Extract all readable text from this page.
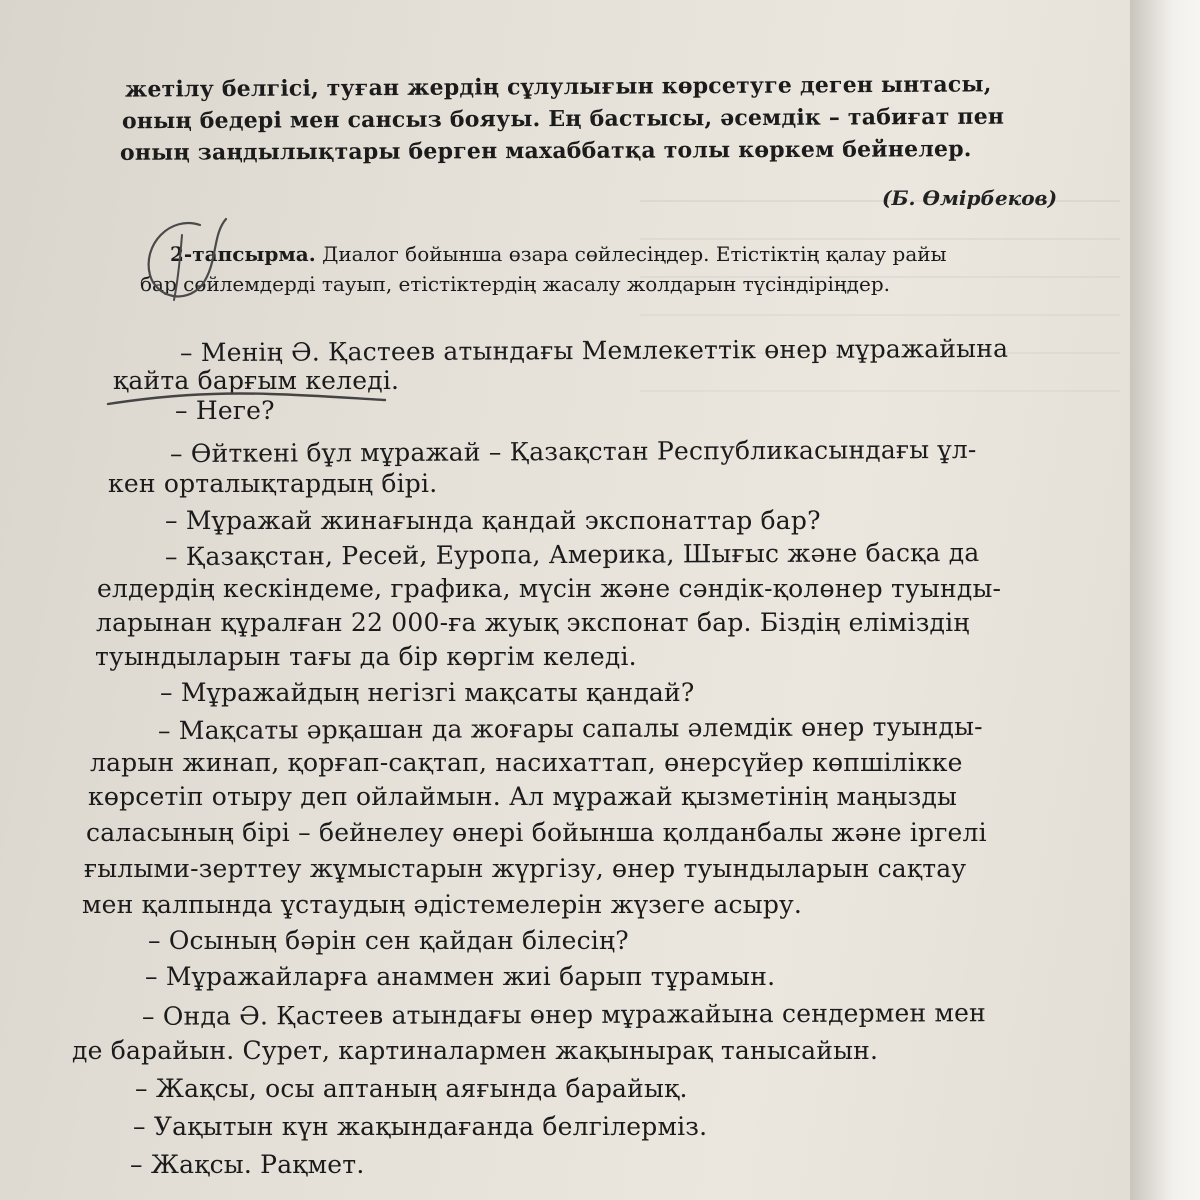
жетілу белгісі, туған жердің сұлулығын көрсетуге деген ынтасы,
оның бедері мен сансыз бояуы. Ең бастысы, әсемдік – табиғат пен
оның заңдылықтары берген махаббатқа толы көркем бейнелер.
(Б. Өмірбеков)
2-тапсырма. Диалог бойынша өзара сөйлесіңдер. Етістіктің қалау райы
бар сөйлемдерді тауып, етістіктердің жасалу жолдарын түсіндіріңдер.
– Менің Ә. Қастеев атындағы Мемлекеттік өнер мұражайына
қайта барғым келеді.
– Неге?
– Өйткені бұл мұражай – Қазақстан Республикасындағы ұл-
кен орталықтардың бірі.
– Мұражай жинағында қандай экспонаттар бар?
– Қазақстан, Ресей, Еуропа, Америка, Шығыс және басқа да
елдердің кескіндеме, графика, мүсін және сәндік-қолөнер туынды-
ларынан құралған 22 000-ға жуық экспонат бар. Біздің еліміздің
туындыларын тағы да бір көргім келеді.
– Мұражайдың негізгі мақсаты қандай?
– Мақсаты әрқашан да жоғары сапалы әлемдік өнер туынды-
ларын жинап, қорғап-сақтап, насихаттап, өнерсүйер көпшілікке
көрсетіп отыру деп ойлаймын. Ал мұражай қызметінің маңызды
саласының бірі – бейнелеу өнері бойынша қолданбалы және іргелі
ғылыми-зерттеу жұмыстарын жүргізу, өнер туындыларын сақтау
мен қалпында ұстаудың әдістемелерін жүзеге асыру.
– Осының бәрін сен қайдан білесің?
– Мұражайларға анаммен жиі барып тұрамын.
– Онда Ә. Қастеев атындағы өнер мұражайына сендермен мен
де барайын. Сурет, картиналармен жақынырақ танысайын.
– Жақсы, осы аптаның аяғында барайық.
– Уақытын күн жақындағанда белгілерміз.
– Жақсы. Рақмет.
